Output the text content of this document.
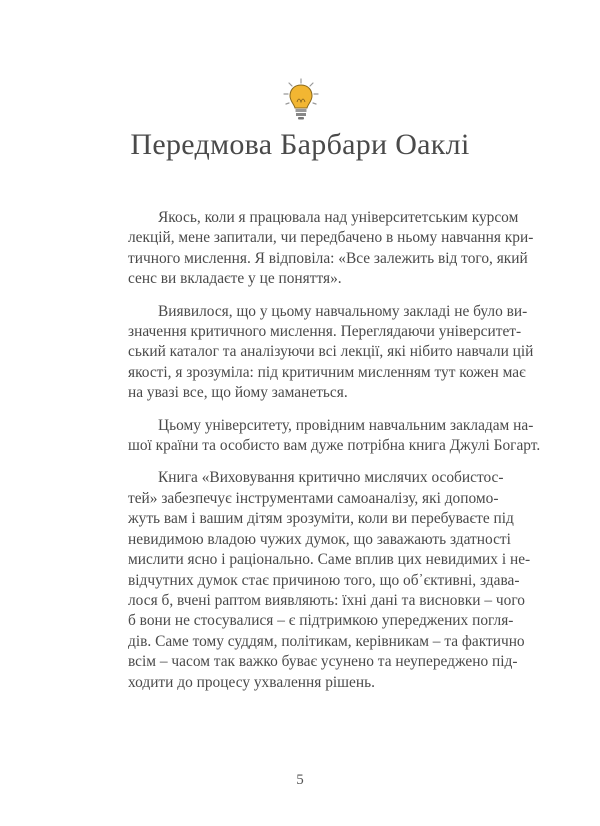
Передмова Барбари Оаклі
Якось, коли я працювала над університетським курсом
лекцій, мене запитали, чи передбачено в ньому навчання кри-
тичного мислення. Я відповіла: «Все залежить від того, який
сенс ви вкладаєте у це поняття».
Виявилося, що у цьому навчальному закладі не було ви-
значення критичного мислення. Переглядаючи університет-
ський каталог та аналізуючи всі лекції, які нібито навчали цій
якості, я зрозуміла: під критичним мисленням тут кожен має
на увазі все, що йому заманеться.
Цьому університету, провідним навчальним закладам на-
шої країни та особисто вам дуже потрібна книга Джулі Богарт.
Книга «Виховування критично мислячих особистос-
тей» забезпечує інструментами самоаналізу, які допомо-
жуть вам і вашим дітям зрозуміти, коли ви перебуваєте під
невидимою владою чужих думок, що заважають здатності
мислити ясно і раціонально. Саме вплив цих невидимих і не-
відчутних думок стає причиною того, що об᾽єктивні, здава-
лося б, вчені раптом виявляють: їхні дані та висновки – чого
б вони не стосувалися – є підтримкою упереджених погля-
дів. Саме тому суддям, політикам, керівникам – та фактично
всім – часом так важко буває усунено та неупереджено під-
ходити до процесу ухвалення рішень.
5
